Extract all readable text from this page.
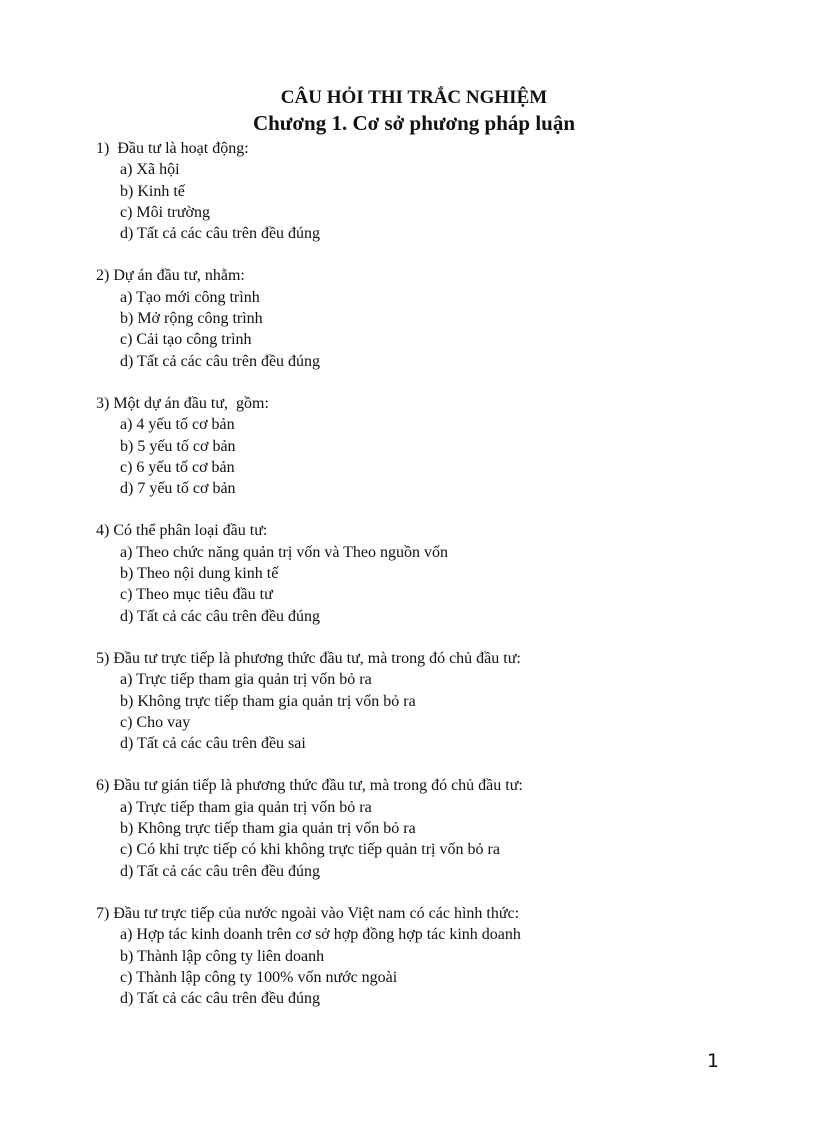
CÂU HỎI THI TRẮC NGHIỆM
Chương 1. Cơ sở phương pháp luận
1)  Đầu tư là hoạt động:
a) Xã hội
b) Kinh tế
c) Môi trường
d) Tất cả các câu trên đều đúng
2) Dự án đầu tư, nhằm:
a) Tạo mới công trình
b) Mở rộng công trình
c) Cải tạo công trình
d) Tất cả các câu trên đều đúng
3) Một dự án đầu tư,  gồm:
a) 4 yếu tố cơ bản
b) 5 yếu tố cơ bản
c) 6 yếu tố cơ bản
d) 7 yếu tố cơ bản
4) Có thể phân loại đầu tư:
a) Theo chức năng quản trị vốn và Theo nguồn vốn
b) Theo nội dung kinh tế
c) Theo mục tiêu đầu tư
d) Tất cả các câu trên đều đúng
5) Đầu tư trực tiếp là phương thức đầu tư, mà trong đó chủ đầu tư:
a) Trực tiếp tham gia quản trị vốn bỏ ra
b) Không trực tiếp tham gia quản trị vốn bỏ ra
c) Cho vay
d) Tất cả các câu trên đều sai
6) Đầu tư gián tiếp là phương thức đầu tư, mà trong đó chủ đầu tư:
a) Trực tiếp tham gia quản trị vốn bỏ ra
b) Không trực tiếp tham gia quản trị vốn bỏ ra
c) Có khi trực tiếp có khi không trực tiếp quản trị vốn bỏ ra
d) Tất cả các câu trên đều đúng
7) Đầu tư trực tiếp của nước ngoài vào Việt nam có các hình thức:
a) Hợp tác kinh doanh trên cơ sở hợp đồng hợp tác kinh doanh
b) Thành lập công ty liên doanh
c) Thành lập công ty 100% vốn nước ngoài
d) Tất cả các câu trên đều đúng
1
